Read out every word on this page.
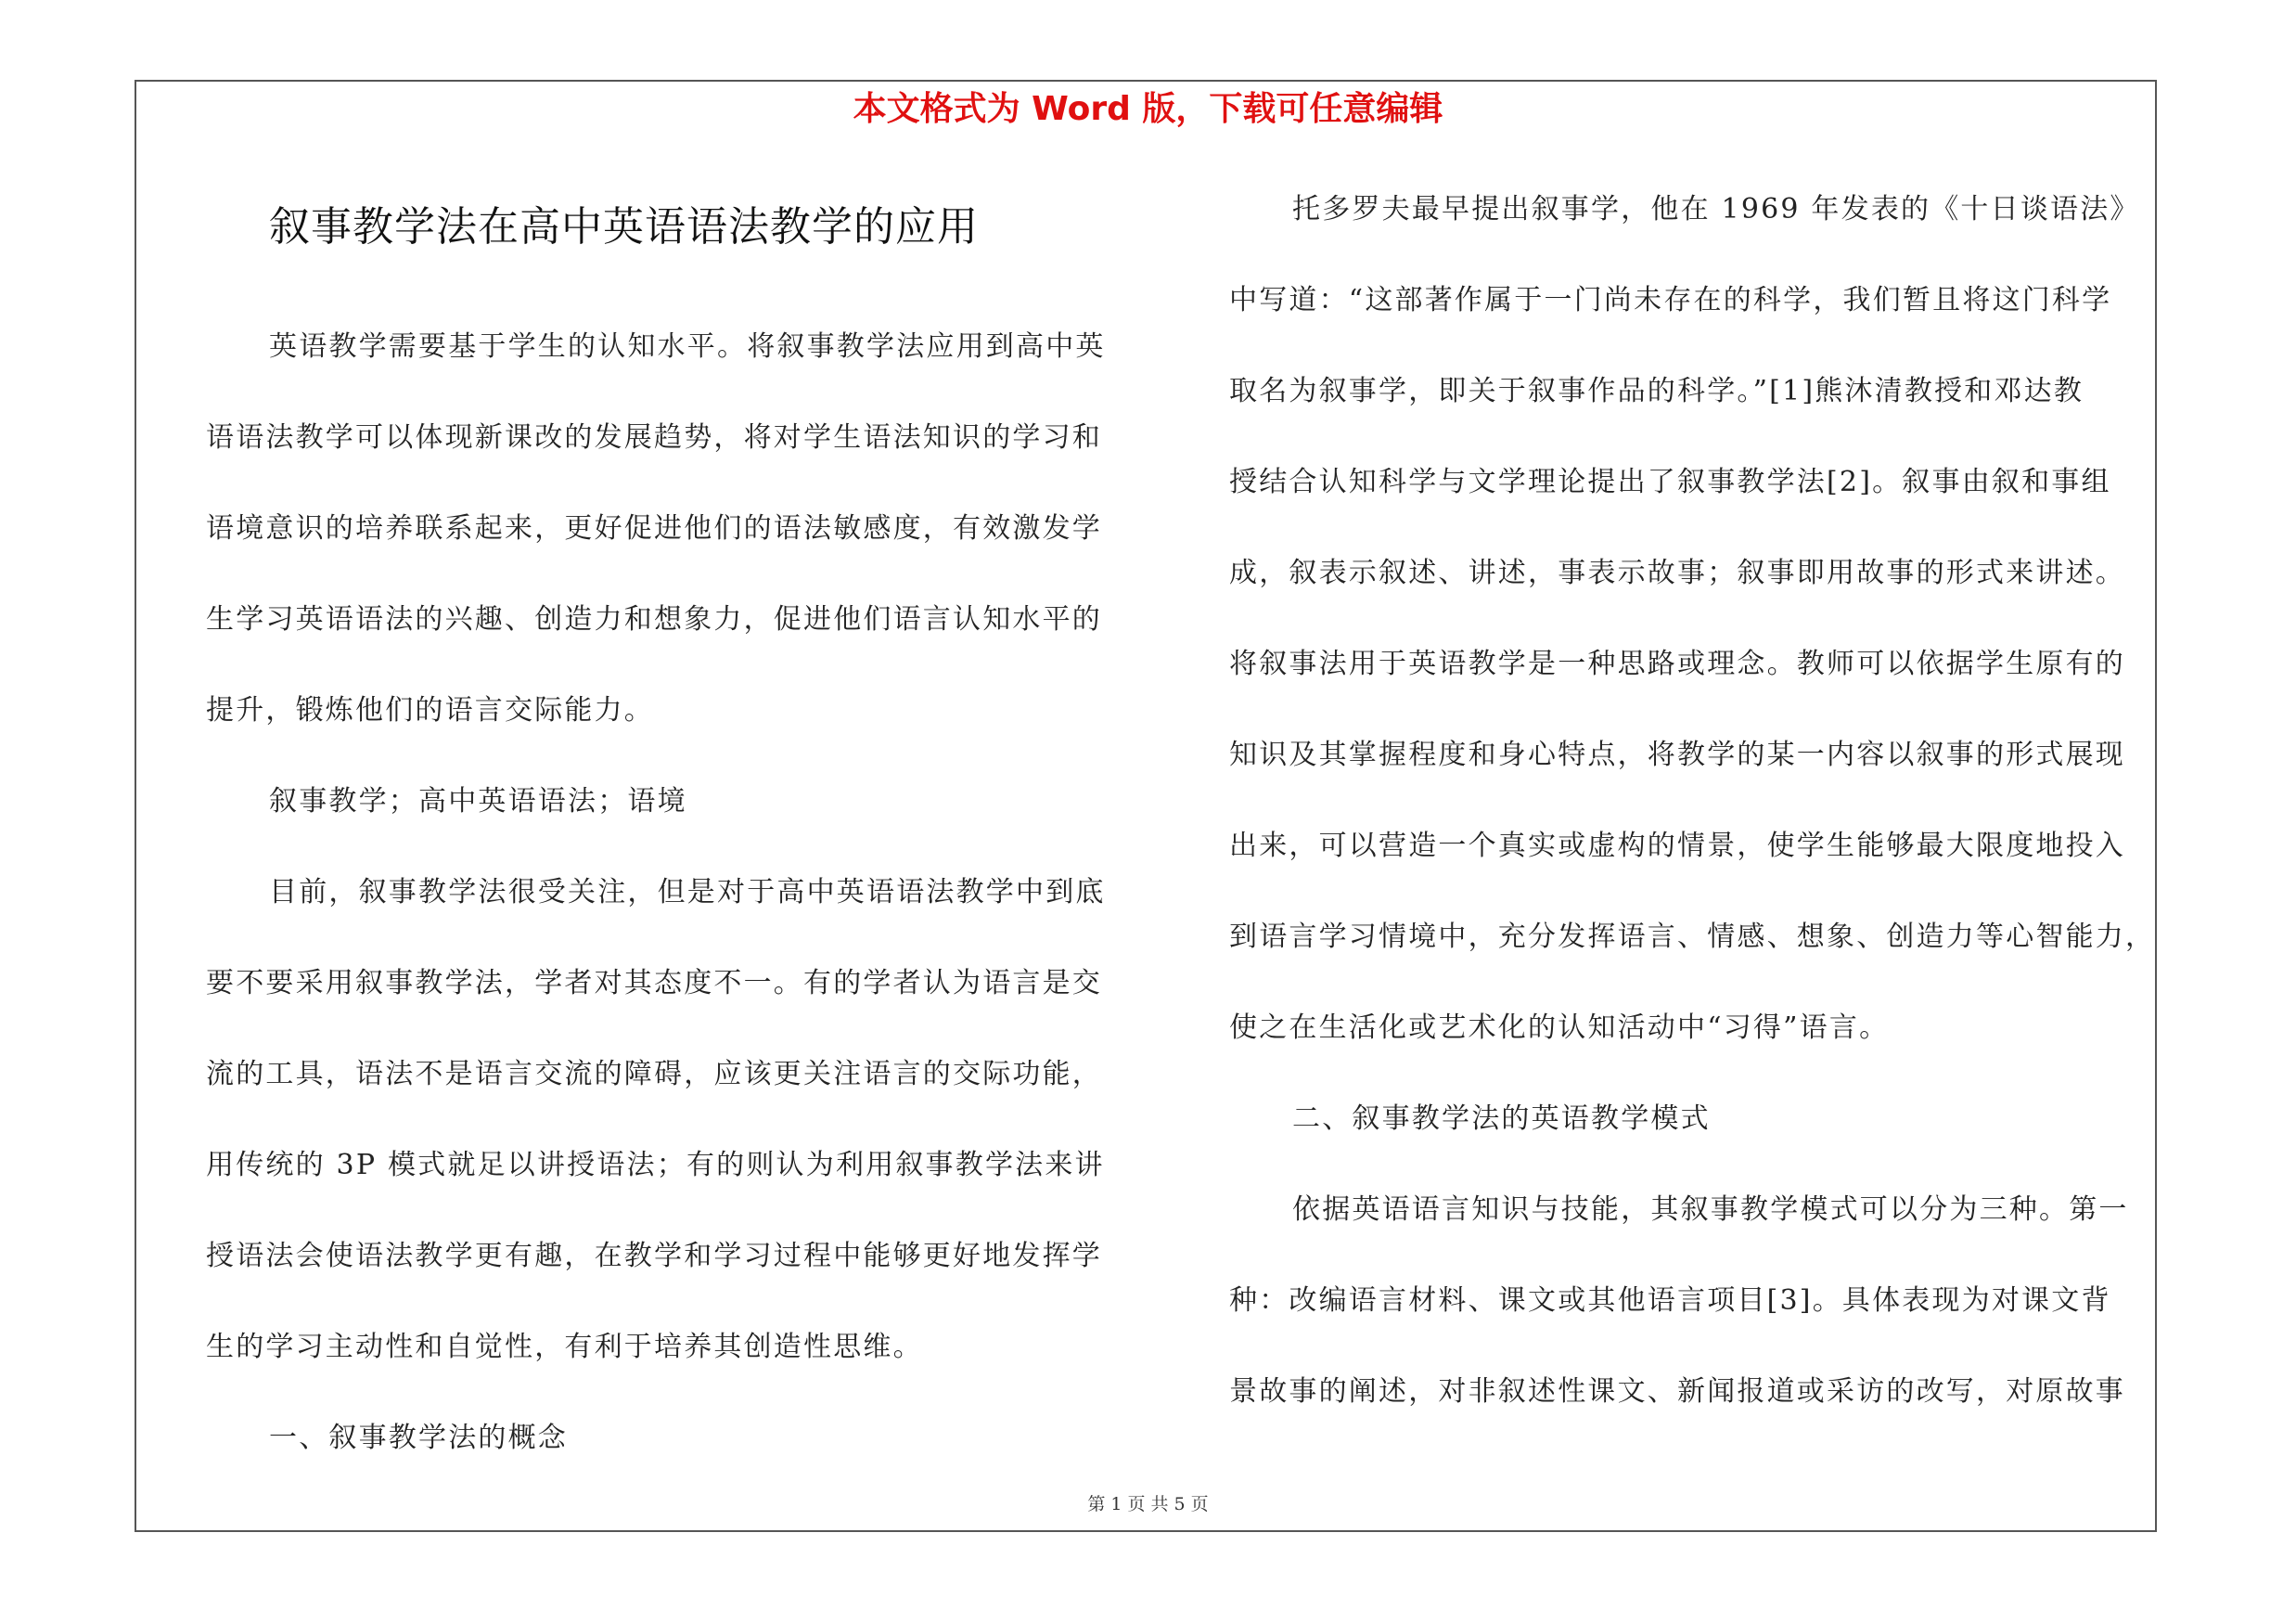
本文格式为 Word 版，下载可任意编辑
叙事教学法在高中英语语法教学的应用
英语教学需要基于学生的认知水平。将叙事教学法应用到高中英
语语法教学可以体现新课改的发展趋势，将对学生语法知识的学习和
语境意识的培养联系起来，更好促进他们的语法敏感度，有效激发学
生学习英语语法的兴趣、创造力和想象力，促进他们语言认知水平的
提升，锻炼他们的语言交际能力。
叙事教学；高中英语语法；语境
目前，叙事教学法很受关注，但是对于高中英语语法教学中到底
要不要采用叙事教学法，学者对其态度不一。有的学者认为语言是交
流的工具，语法不是语言交流的障碍，应该更关注语言的交际功能，
用传统的 3P 模式就足以讲授语法；有的则认为利用叙事教学法来讲
授语法会使语法教学更有趣，在教学和学习过程中能够更好地发挥学
生的学习主动性和自觉性，有利于培养其创造性思维。
一、叙事教学法的概念
托多罗夫最早提出叙事学，他在 1969 年发表的《十日谈语法》
中写道：“这部著作属于一门尚未存在的科学，我们暂且将这门科学
取名为叙事学，即关于叙事作品的科学。”[1]熊沐清教授和邓达教
授结合认知科学与文学理论提出了叙事教学法[2]。叙事由叙和事组
成，叙表示叙述、讲述，事表示故事；叙事即用故事的形式来讲述。
将叙事法用于英语教学是一种思路或理念。教师可以依据学生原有的
知识及其掌握程度和身心特点，将教学的某一内容以叙事的形式展现
出来，可以营造一个真实或虚构的情景，使学生能够最大限度地投入
到语言学习情境中，充分发挥语言、情感、想象、创造力等心智能力，
使之在生活化或艺术化的认知活动中“习得”语言。
二、叙事教学法的英语教学模式
依据英语语言知识与技能，其叙事教学模式可以分为三种。第一
种：改编语言材料、课文或其他语言项目[3]。具体表现为对课文背
景故事的阐述，对非叙述性课文、新闻报道或采访的改写，对原故事
第 1 页 共 5 页
